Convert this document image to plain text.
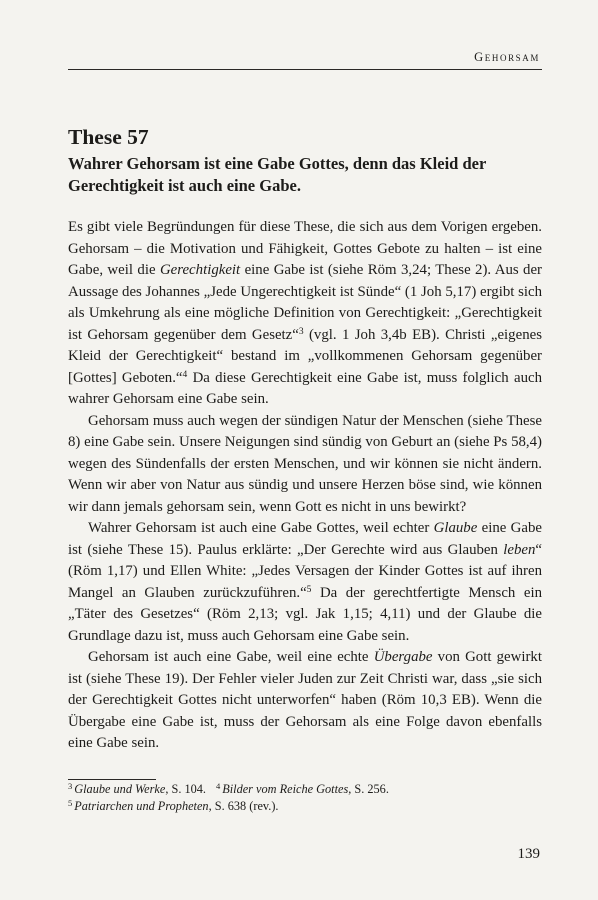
Gehorsam
These 57
Wahrer Gehorsam ist eine Gabe Gottes, denn das Kleid der Gerechtigkeit ist auch eine Gabe.

Es gibt viele Begründungen für diese These, die sich aus dem Vorigen ergeben. Gehorsam – die Motivation und Fähigkeit, Gottes Gebote zu halten – ist eine Gabe, weil die Gerechtigkeit eine Gabe ist (siehe Röm 3,24; These 2). Aus der Aussage des Johannes „Jede Ungerechtigkeit ist Sünde“ (1 Joh 5,17) ergibt sich als Umkehrung als eine mögliche Definition von Gerechtigkeit: „Gerechtigkeit ist Gehorsam gegenüber dem Gesetz“$^3$ (vgl. 1 Joh 3,4b EB). Christi „eigenes Kleid der Gerechtigkeit“ bestand im „vollkommenen Gehorsam gegenüber [Gottes] Geboten.“$^4$ Da diese Gerechtigkeit eine Gabe ist, muss folglich auch wahrer Gehorsam eine Gabe sein.

Gehorsam muss auch wegen der sündigen Natur der Menschen (siehe These 8) eine Gabe sein. Unsere Neigungen sind sündig von Geburt an (siehe Ps 58,4) wegen des Sündenfalls der ersten Menschen, und wir können sie nicht ändern. Wenn wir aber von Natur aus sündig und unsere Herzen böse sind, wie können wir dann jemals gehorsam sein, wenn Gott es nicht in uns bewirkt?

Wahrer Gehorsam ist auch eine Gabe Gottes, weil echter Glaube eine Gabe ist (siehe These 15). Paulus erklärte: „Der Gerechte wird aus Glauben leben“ (Röm 1,17) und Ellen White: „Jedes Versagen der Kinder Gottes ist auf ihren Mangel an Glauben zurückzuführen.“$^5$ Da der gerechtfertigte Mensch ein „Täter des Gesetzes“ (Röm 2,13; vgl. Jak 1,15; 4,11) und der Glaube die Grundlage dazu ist, muss auch Gehorsam eine Gabe sein.

Gehorsam ist auch eine Gabe, weil eine echte Übergabe von Gott gewirkt ist (siehe These 19). Der Fehler vieler Juden zur Zeit Christi war, dass „sie sich der Gerechtigkeit Gottes nicht unterworfen“ haben (Röm 10,3 EB). Wenn die Übergabe eine Gabe ist, muss der Gehorsam als eine Folge davon ebenfalls eine Gabe sein.

$^3$ Glaube und Werke, S. 104. $^4$ Bilder vom Reiche Gottes, S. 256.
$^5$ Patriarchen und Propheten, S. 638 (rev.).
139
